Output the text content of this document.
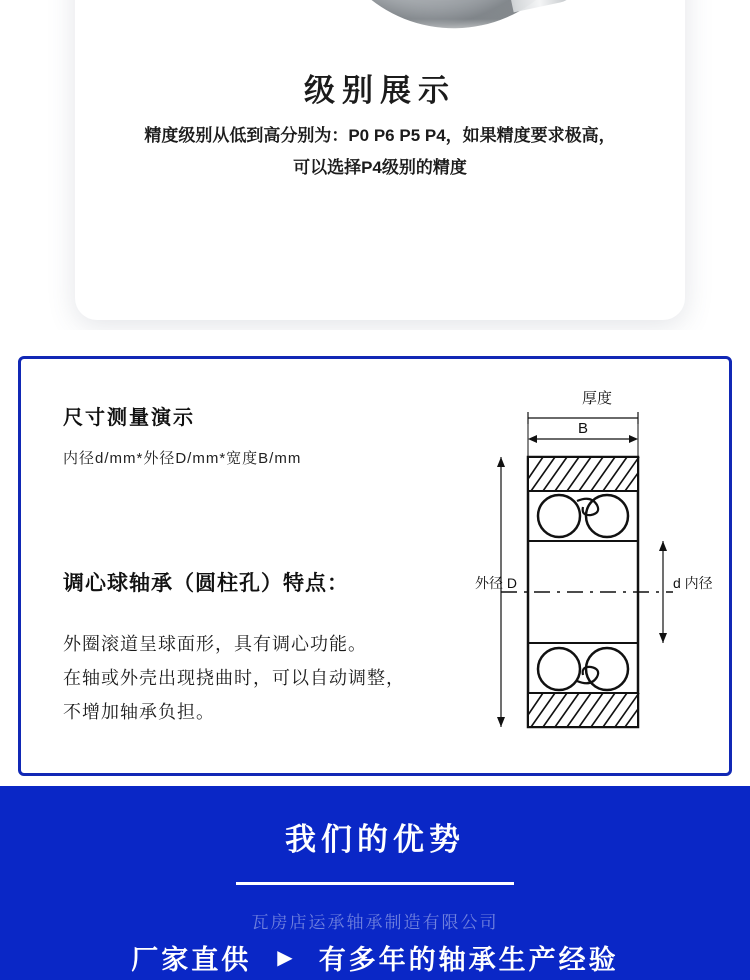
级别展示
精度级别从低到高分别为：P0 P6 P5 P4，如果精度要求极高，
可以选择P4级别的精度
尺寸测量演示
内径d/mm*外径D/mm*宽度B/mm
调心球轴承（圆柱孔）特点：
外圈滚道呈球面形，具有调心功能。
在轴或外壳出现挠曲时，可以自动调整，
不增加轴承负担。
厚度
B
外径 D	d 内径
我们的优势
瓦房店运承轴承制造有限公司
厂家直供 ▶ 有多年的轴承生产经验
